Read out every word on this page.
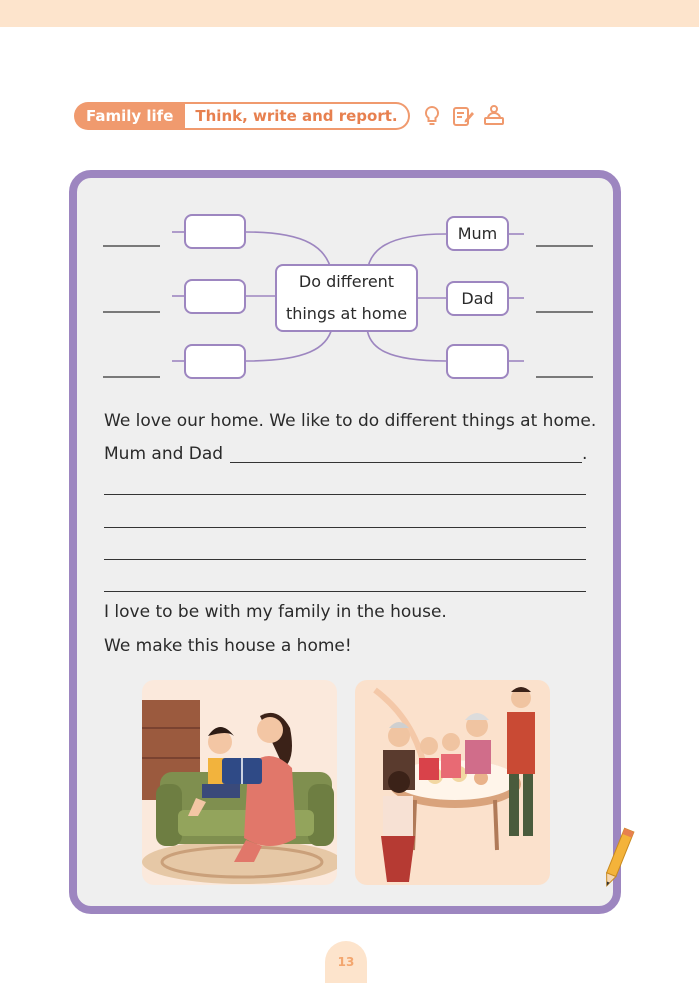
Family life	Think, write and report.
Do different
things at home
Mum
Dad
We love our home. We like to do different things at home.
Mum and Dad	.
I love to be with my family in the house.
We make this house a home!
13
